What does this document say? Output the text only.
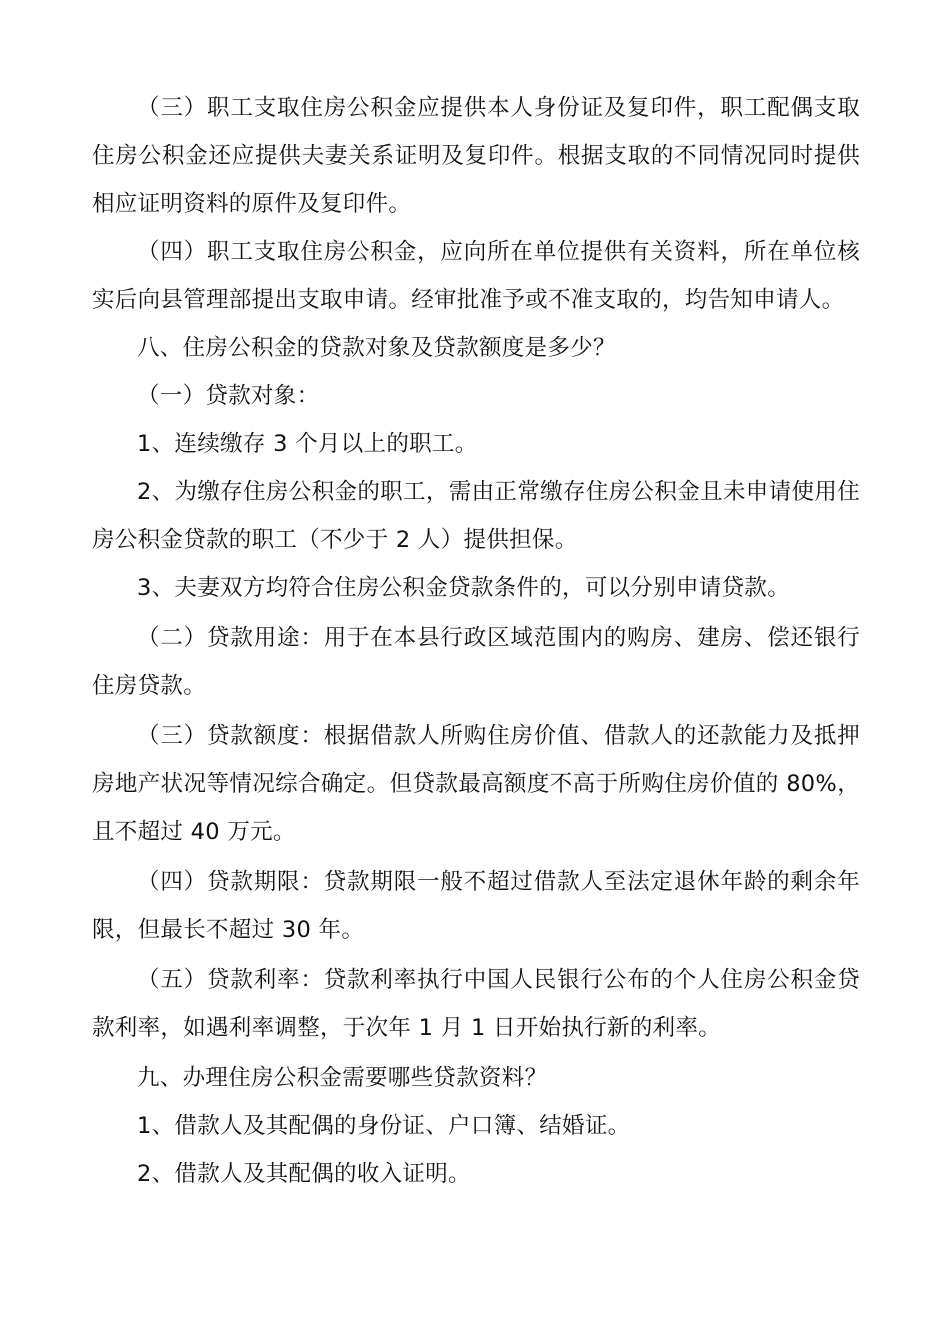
（三）职工支取住房公积金应提供本人身份证及复印件，职工配偶支取住房公积金还应提供夫妻关系证明及复印件。根据支取的不同情况同时提供相应证明资料的原件及复印件。

（四）职工支取住房公积金，应向所在单位提供有关资料，所在单位核实后向县管理部提出支取申请。经审批准予或不准支取的，均告知申请人。

八、住房公积金的贷款对象及贷款额度是多少？

（一）贷款对象：

1、连续缴存 3 个月以上的职工。

2、为缴存住房公积金的职工，需由正常缴存住房公积金且未申请使用住房公积金贷款的职工（不少于 2 人）提供担保。

3、夫妻双方均符合住房公积金贷款条件的，可以分别申请贷款。

（二）贷款用途：用于在本县行政区域范围内的购房、建房、偿还银行住房贷款。

（三）贷款额度：根据借款人所购住房价值、借款人的还款能力及抵押房地产状况等情况综合确定。但贷款最高额度不高于所购住房价值的 80%，且不超过 40 万元。

（四）贷款期限：贷款期限一般不超过借款人至法定退休年龄的剩余年限，但最长不超过 30 年。

（五）贷款利率：贷款利率执行中国人民银行公布的个人住房公积金贷款利率，如遇利率调整，于次年 1 月 1 日开始执行新的利率。

九、办理住房公积金需要哪些贷款资料？

1、借款人及其配偶的身份证、户口簿、结婚证。

2、借款人及其配偶的收入证明。
